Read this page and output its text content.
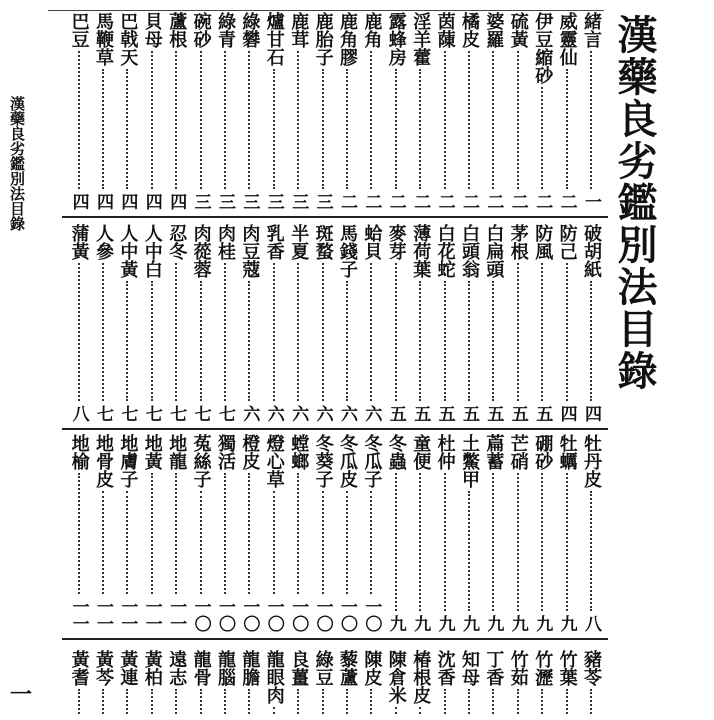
漢藥良劣鑑別法目錄
漢藥良劣鑑別法目錄
一
緒言
一
威靈仙
二
伊豆縮砂
二
硫黃
二
婆羅
二
橘皮
二
茵蔯
二
淫羊藿
二
露蜂房
二
鹿角
二
鹿角膠
二
鹿胎子
三
鹿茸
三
爐甘石
三
綠礬
三
綠青
三
碗砂
三
蘆根
四
貝母
四
巴戟天
四
馬鞭草
四
巴豆
四
破胡紙
四
防己
四
防風
五
茅根
五
白扁頭
五
白頭翁
五
白花蛇
五
薄荷葉
五
麥芽
五
蛤貝
六
馬錢子
六
斑蝥
六
半夏
六
乳香
六
肉豆蔻
六
肉桂
七
肉蓯蓉
七
忍冬
七
人中白
七
人中黃
七
人參
七
蒲黃
八
牡丹皮
八
牡蠣
九
硼砂
九
芒硝
九
萹蓄
九
土鱉甲
九
杜仲
九
童便
九
冬蟲
九
冬瓜子
一〇
冬瓜皮
一〇
冬葵子
一〇
螳螂
一〇
燈心草
一〇
橙皮
一〇
獨活
一〇
菟絲子
一〇
地龍
一一
地黃
一一
地膚子
一一
地骨皮
一一
地榆
一一
豬苓
竹葉
竹瀝
竹茹
丁香
知母
沈香
椿根皮
陳倉米
陳皮
藜蘆
綠豆
良薑
龍眼肉
龍膽
龍腦
龍骨
遠志
黃柏
黃連
黃芩
黃耆
